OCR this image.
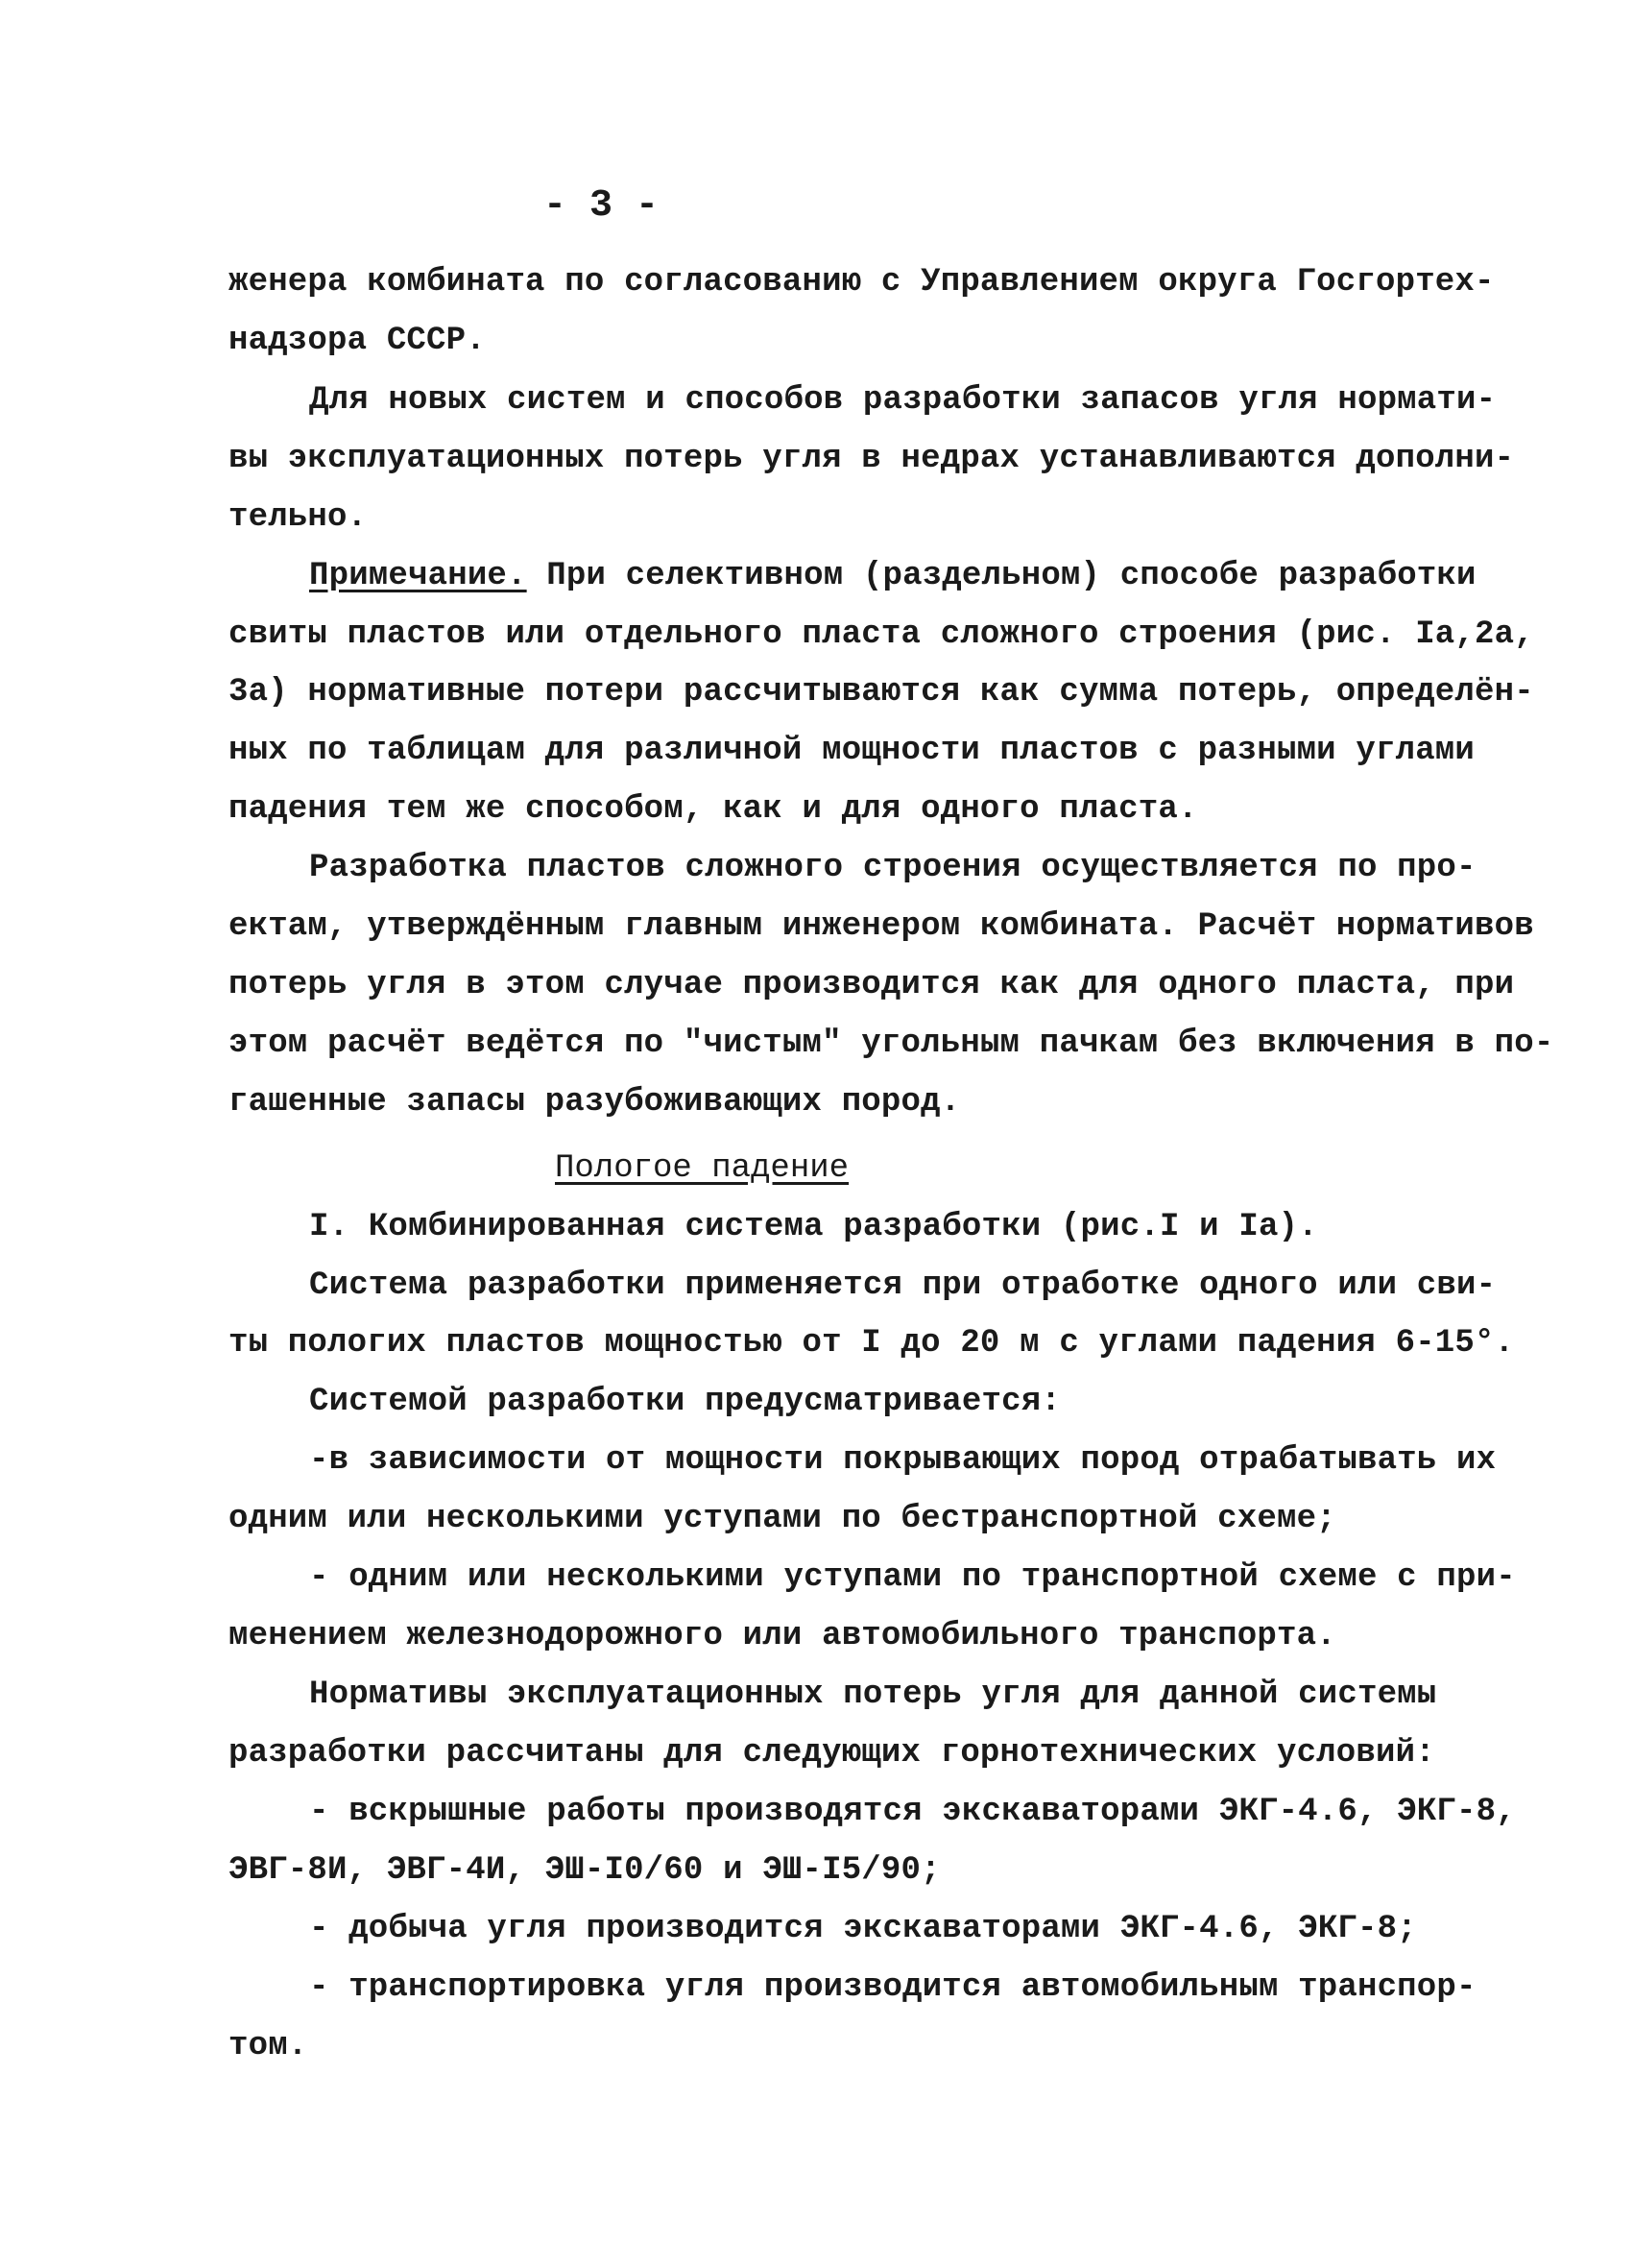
- 3 -

женера комбината по согласованию с Управлением округа Госгортех-

надзора СССР.

Для новых систем и способов разработки запасов угля нормати-

вы эксплуатационных потерь угля в недрах устанавливаются дополни-

тельно.

Примечание. При селективном (раздельном) способе разработки

свиты пластов или отдельного пласта сложного строения (рис. Iа,2а,

3а) нормативные потери рассчитываются как сумма потерь, определён-

ных по таблицам для различной мощности пластов с разными углами

падения тем же способом, как и для одного пласта.

Разработка пластов сложного строения осуществляется по про-

ектам, утверждённым главным инженером комбината. Расчёт нормативов

потерь угля в этом случае производится как для одного пласта, при

этом расчёт ведётся по "чистым" угольным пачкам без включения в по-

гашенные запасы разубоживающих пород.

Пологое падение

I. Комбинированная система разработки (рис.I и Iа).

Система разработки применяется при отработке одного или сви-

ты пологих пластов мощностью от I до 20 м с углами падения 6-15°.

Системой разработки предусматривается:

-в зависимости от мощности покрывающих пород отрабатывать их

одним или несколькими уступами по бестранспортной схеме;

- одним или несколькими уступами по транспортной схеме с при-

менением железнодорожного или автомобильного транспорта.

Нормативы эксплуатационных потерь угля для данной системы

разработки рассчитаны для следующих горнотехнических условий:

- вскрышные работы производятся экскаваторами ЭКГ-4.6, ЭКГ-8,

ЭВГ-8И, ЭВГ-4И, ЭШ-I0/60 и ЭШ-I5/90;

- добыча угля производится экскаваторами ЭКГ-4.6, ЭКГ-8;

- транспортировка угля производится автомобильным транспор-

том.
